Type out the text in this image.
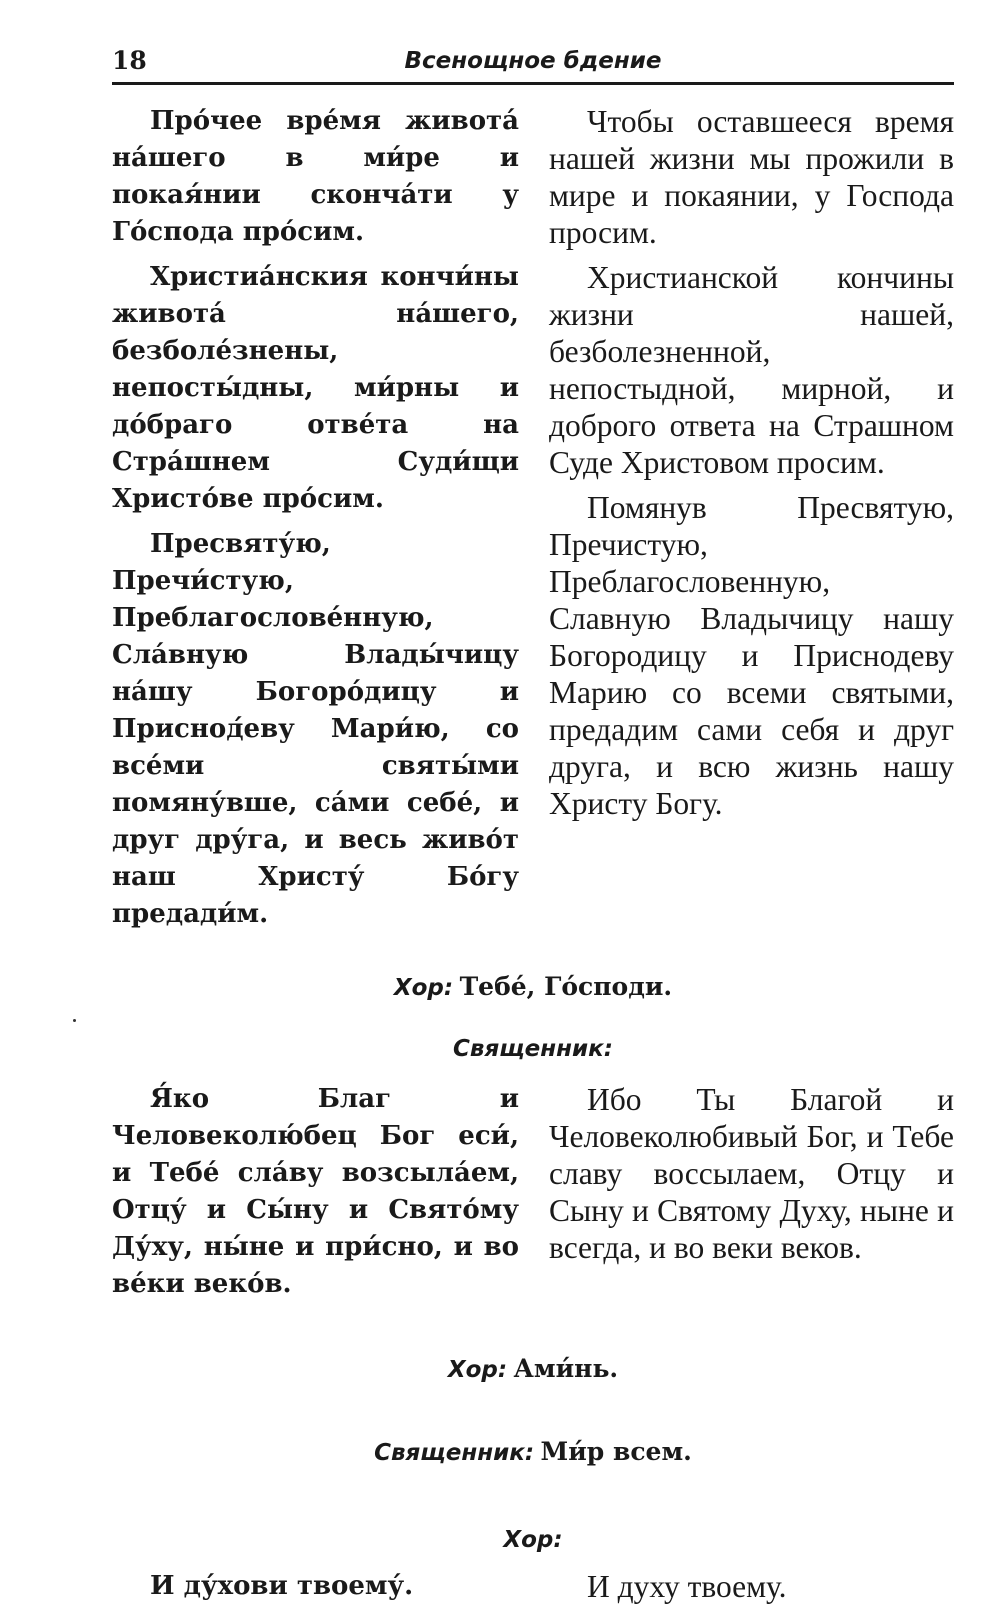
18	Всенощное бдение

Про́чее вре́мя живота́ на́шего в ми́ре и покая́нии скончáти у Го́спода про́сим.

Христиа́нския кончи́ны живота́ на́шего, безболе́знены, непосты́дны, ми́рны и до́браго отве́та на Стра́шнем Суди́щи Христо́ве про́сим.

Пресвяту́ю, Пречи́стую, Преблагослове́нную, Сла́вную Влады́чицу на́шу Богоро́дицу и Приснод́еву Мари́ю, со все́ми святы́ми помяну́вше, са́ми себе́, и друг дру́га, и весь живо́т наш Христу́ Бо́гу предади́м.

Чтобы оставшееся время нашей жизни мы прожили в мире и покаянии, у Господа просим.

Христианской кончины жизни нашей, безболезненной, непостыдной, мирной, и доброго ответа на Страшном Суде Христовом просим.

Помянув Пресвятую, Пречистую, Преблагословенную, Славную Владычицу нашу Богородицу и Приснодеву Марию со всеми святыми, предадим сами себя и друг друга, и всю жизнь нашу Христу Богу.

Хор: Тебе́, Го́споди.
Священник:

Я́ко Благ и Человеколю́бец Бог еси́, и Тебе́ сла́ву возсыла́ем, Отцу́ и Сы́ну и Свято́му Ду́ху, ны́не и при́сно, и во ве́ки веко́в.

Ибо Ты Благой и Человеколюбивый Бог, и Тебе славу воссылаем, Отцу и Сыну и Святому Духу, ныне и всегда, и во веки веков.

Хор: Ами́нь.
Священник: Ми́р всем.
Хор:

И ду́хови твоему́.	И духу твоему.
